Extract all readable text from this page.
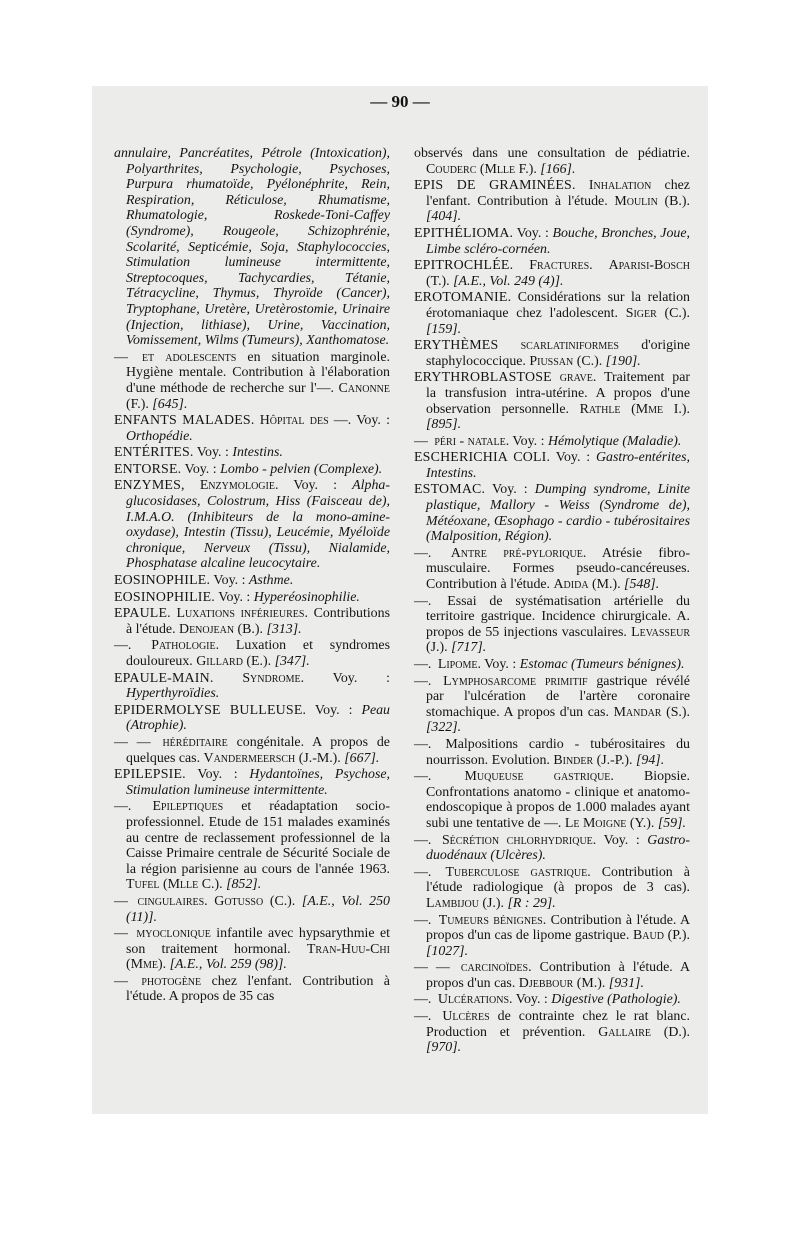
— 90 —

annulaire, Pancréatites, Pétrole (Intoxication), Polyarthrites, Psychologie, Psychoses, Purpura rhumatoïde, Pyélonéphrite, Rein, Respiration, Réticulose, Rhumatisme, Rhumatologie, Roskede-Toni-Caffey (Syndrome), Rougeole, Schizophrénie, Scolarité, Septicémie, Soja, Staphylococcies, Stimulation lumineuse intermittente, Streptocoques, Tachycardies, Tétanie, Tétracycline, Thymus, Thyroïde (Cancer), Tryptophane, Uretère, Uretèrostomie, Urinaire (Injection, lithiase), Urine, Vaccination, Vomissement, Wilms (Tumeurs), Xanthomatose.

— et adolescents en situation marginole. Hygiène mentale. Contribution à l'élaboration d'une méthode de recherche sur l'—. Canonne (F.). [645].

ENFANTS MALADES. Hôpital des —. Voy. : Orthopédie.

ENTÉRITES. Voy. : Intestins.

ENTORSE. Voy. : Lombo - pelvien (Complexe).

ENZYMES, Enzymologie. Voy. : Alpha-glucosidases, Colostrum, Hiss (Faisceau de), I.M.A.O. (Inhibiteurs de la mono-amine-oxydase), Intestin (Tissu), Leucémie, Myéloïde chronique, Nerveux (Tissu), Nialamide, Phosphatase alcaline leucocytaire.

EOSINOPHILE. Voy. : Asthme.

EOSINOPHILIE. Voy. : Hyperéosinophilie.

EPAULE. Luxations inférieures. Contributions à l'étude. Denojean (B.). [313].

—. Pathologie. Luxation et syndromes douloureux. Gillard (E.). [347].

EPAULE-MAIN. Syndrome. Voy. : Hyperthyroïdies.

EPIDERMOLYSE BULLEUSE. Voy. : Peau (Atrophie).

— — héréditaire congénitale. A propos de quelques cas. Vandermeersch (J.-M.). [667].

EPILEPSIE. Voy. : Hydantoïnes, Psychose, Stimulation lumineuse intermittente.

—. Epileptiques et réadaptation socio-professionnel. Etude de 151 malades examinés au centre de reclassement professionnel de la Caisse Primaire centrale de Sécurité Sociale de la région parisienne au cours de l'année 1963. Tufel (Mlle C.). [852].

— cingulaires. Gotusso (C.). [A.E., Vol. 250 (11)].

— myoclonique infantile avec hypsarythmie et son traitement hormonal. Tran-Huu-Chi (Mme). [A.E., Vol. 259 (98)].

— photogène chez l'enfant. Contribution à l'étude. A propos de 35 cas

observés dans une consultation de pédiatrie. Couderc (Mlle F.). [166].

EPIS DE GRAMINÉES. Inhalation chez l'enfant. Contribution à l'étude. Moulin (B.). [404].

EPITHÉLIOMA. Voy. : Bouche, Bronches, Joue, Limbe scléro-cornéen.

EPITROCHLÉE. Fractures. Aparisi-Bosch (T.). [A.E., Vol. 249 (4)].

EROTOMANIE. Considérations sur la relation érotomaniaque chez l'adolescent. Siger (C.). [159].

ERYTHÈMES scarlatiniformes d'origine staphylococcique. Piussan (C.). [190].

ERYTHROBLASTOSE grave. Traitement par la transfusion intra-utérine. A propos d'une observation personnelle. Rathle (Mme I.). [895].

— péri - natale. Voy. : Hémolytique (Maladie).

ESCHERICHIA COLI. Voy. : Gastro-entérites, Intestins.

ESTOMAC. Voy. : Dumping syndrome, Linite plastique, Mallory - Weiss (Syndrome de), Météoxane, Œsophago - cardio - tubérositaires (Malposition, Région).

—. Antre pré-pylorique. Atrésie fibro-musculaire. Formes pseudo-cancéreuses. Contribution à l'étude. Adida (M.). [548].

—. Essai de systématisation artérielle du territoire gastrique. Incidence chirurgicale. A. propos de 55 injections vasculaires. Levasseur (J.). [717].

—. Lipome. Voy. : Estomac (Tumeurs bénignes).

—. Lymphosarcome primitif gastrique révélé par l'ulcération de l'artère coronaire stomachique. A propos d'un cas. Mandar (S.). [322].

—. Malpositions cardio - tubérositaires du nourrisson. Evolution. Binder (J.-P.). [94].

—. Muqueuse gastrique. Biopsie. Confrontations anatomo - clinique et anatomo-endoscopique à propos de 1.000 malades ayant subi une tentative de —. Le Moigne (Y.). [59].

—. Sécrétion chlorhydrique. Voy. : Gastro-duodénaux (Ulcères).

—. Tuberculose gastrique. Contribution à l'étude radiologique (à propos de 3 cas). Lambijou (J.). [R : 29].

—. Tumeurs bénignes. Contribution à l'étude. A propos d'un cas de lipome gastrique. Baud (P.). [1027].

— — carcinoïdes. Contribution à l'étude. A propos d'un cas. Djebbour (M.). [931].

—. Ulcérations. Voy. : Digestive (Pathologie).

—. Ulcères de contrainte chez le rat blanc. Production et prévention. Gallaire (D.). [970].
